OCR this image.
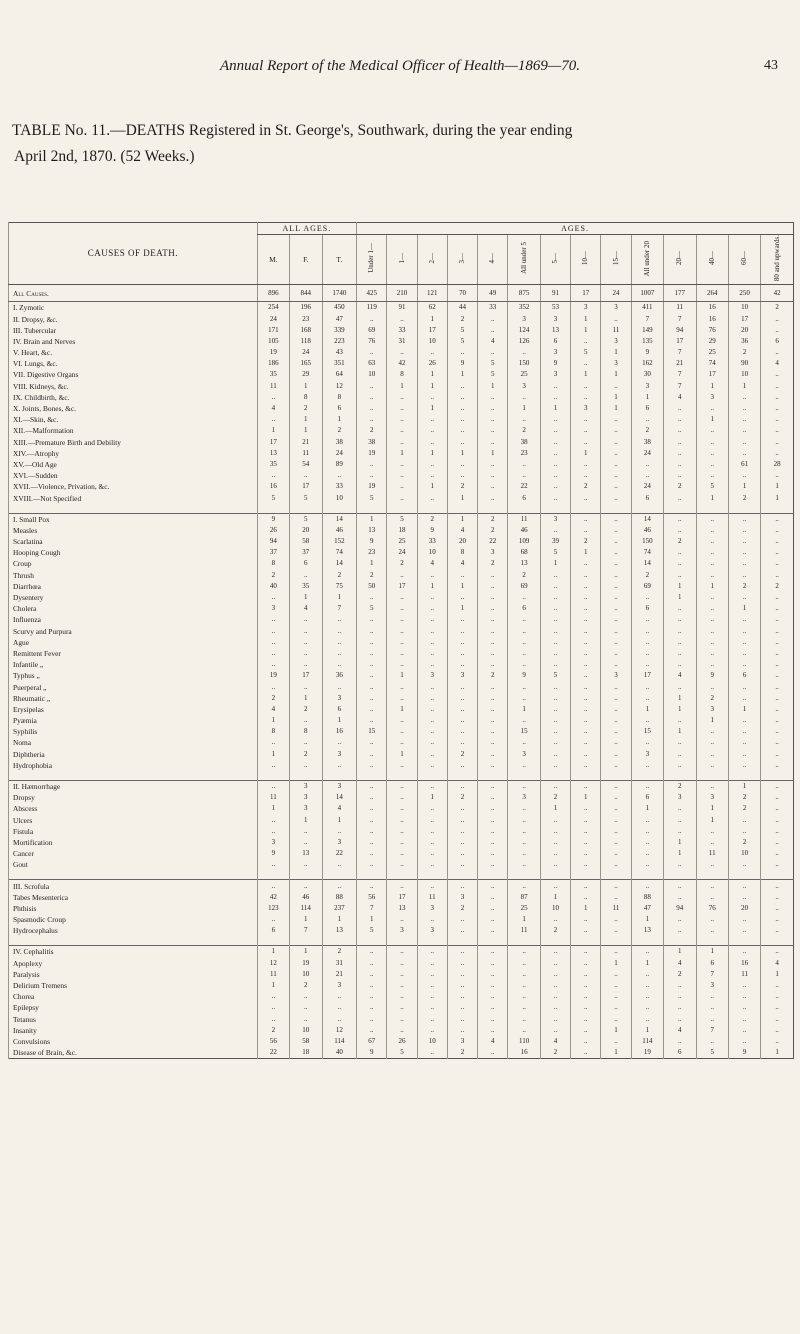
Annual Report of the Medical Officer of Health—1869—70.	43
TABLE No. 11.—DEATHS Registered in St. George's, Southwark, during the year ending
April 2nd, 1870. (52 Weeks.)
CAUSES OF DEATH.	ALL AGES.			AGES.													
	M.	F.	T.	Under 1—	1—	2—	3—	4—	All under 5	5—	10—	15—	All under 20	20—	40—	60—	80 and upwards.
All Causes.	896	844	1740	425	210	121	70	49	875	91	17	24	1007	177	264	250	42
I. Zymotic	254	196	450	119	91	62	44	33	352	53	3	3	411	11	16	10	2
II. Dropsy, &c.	24	23	47	..	..	1	2	..	3	3	1	..	7	7	16	17	..
III. Tubercular	171	168	339	69	33	17	5	..	124	13	1	11	149	94	76	20	..
IV. Brain and Nerves	105	118	223	76	31	10	5	4	126	6	..	3	135	17	29	36	6
V. Heart, &c.	19	24	43	..	..	..	..	..	..	3	5	1	9	7	25	2	..
VI. Lungs, &c.	186	165	351	63	42	26	9	5	150	9	..	3	162	21	74	90	4
VII. Digestive Organs	35	29	64	10	8	1	1	5	25	3	1	1	30	7	17	10	..
VIII. Kidneys, &c.	11	1	12	..	1	1	..	1	3	..	..	..	3	7	1	1	..
IX. Childbirth, &c.	..	8	8	..	..	..	..	..	..	..	..	1	1	4	3	..	..
X. Joints, Bones, &c.	4	2	6	..	..	1	..	..	1	1	3	1	6	..	..	..	..
XI.—Skin, &c.	..	1	1	..	..	..	..	..	..	..	..	..	..	..	1	..	..
XII.—Malformation	1	1	2	2	..	..	..	..	2	..	..	..	2	..	..	..	..
XIII.—Premature Birth and Debility	17	21	38	38	..	..	..	..	38	..	..	..	38	..	..	..	..
XIV.—Atrophy	13	11	24	19	1	1	1	1	23	..	1	..	24	..	..	..	..
XV.—Old Age	35	54	89	..	..	..	..	..	..	..	..	..	..	..	..	61	28
XVI.—Sudden	..	..	..	..	..	..	..	..	..	..	..	..	..	..	..	..	..
XVII.—Violence, Privation, &c.	16	17	33	19	..	1	2	..	22	..	2	..	24	2	5	1	1
XVIII.—Not Specified	5	5	10	5	..	..	1	..	6	..	..	..	6	..	1	2	1

I. Small Pox	9	5	14	1	5	2	1	2	11	3	..	..	14	..	..	..	..
Measles	26	20	46	13	18	9	4	2	46	..	..	..	46	..	..	..	..
Scarlatina	94	58	152	9	25	33	20	22	109	39	2	..	150	2	..	..	..
Hooping Cough	37	37	74	23	24	10	8	3	68	5	1	..	74	..	..	..	..
Croup	8	6	14	1	2	4	4	2	13	1	..	..	14	..	..	..	..
Thrush	2	..	2	2	..	..	..	..	2	..	..	..	2	..	..	..	..
Diarrhœa	40	35	75	50	17	1	1	..	69	..	..	..	69	1	1	2	2
Dysentery	..	1	1	..	..	..	..	..	..	..	..	..	..	1	..	..	..
Cholera	3	4	7	5	..	..	1	..	6	..	..	..	6	..	..	1	..
Influenza	..	..	..	..	..	..	..	..	..	..	..	..	..	..	..	..	..
Scurvy and Purpura	..	..	..	..	..	..	..	..	..	..	..	..	..	..	..	..	..
Ague	..	..	..	..	..	..	..	..	..	..	..	..	..	..	..	..	..
Remittent Fever	..	..	..	..	..	..	..	..	..	..	..	..	..	..	..	..	..
Infantile „	..	..	..	..	..	..	..	..	..	..	..	..	..	..	..	..	..
Typhus „	19	17	36	..	1	3	3	2	9	5	..	3	17	4	9	6	..
Puerperal „	..	..	..	..	..	..	..	..	..	..	..	..	..	..	..	..	..
Rheumatic „	2	1	3	..	..	..	..	..	..	..	..	..	..	1	2	..	..
Erysipelas	4	2	6	..	1	..	..	..	1	..	..	..	1	1	3	1	..
Pyæmia	1	..	1	..	..	..	..	..	..	..	..	..	..	..	1	..	..
Syphilis	8	8	16	15	..	..	..	..	15	..	..	..	15	1	..	..	..
Noma	..	..	..	..	..	..	..	..	..	..	..	..	..	..	..	..	..
Diphtheria	1	2	3	..	1	..	2	..	3	..	..	..	3	..	..	..	..
Hydrophobia	..	..	..	..	..	..	..	..	..	..	..	..	..	..	..	..	..

II. Hæmorrhage	..	3	3	..	..	..	..	..	..	..	..	..	..	2	..	1	..
Dropsy	11	3	14	..	..	1	2	..	3	2	1	..	6	3	3	2	..
Abscess	1	3	4	..	..	..	..	..	..	1	..	..	1	..	1	2	..
Ulcers	..	1	1	..	..	..	..	..	..	..	..	..	..	..	1	..	..
Fistula	..	..	..	..	..	..	..	..	..	..	..	..	..	..	..	..	..
Mortification	3	..	3	..	..	..	..	..	..	..	..	..	..	1	..	2	..
Cancer	9	13	22	..	..	..	..	..	..	..	..	..	..	1	11	10	..
Gout	..	..	..	..	..	..	..	..	..	..	..	..	..	..	..	..	..

III. Scrofula	..	..	..	..	..	..	..	..	..	..	..	..	..	..	..	..	..
Tabes Mesenterica	42	46	88	56	17	11	3	..	87	1	..	..	88	..	..	..	..
Phthisis	123	114	237	7	13	3	2	..	25	10	1	11	47	94	76	20	..
Spasmodic Croup	..	1	1	1	..	..	..	..	1	..	..	..	1	..	..	..	..
Hydrocephalus	6	7	13	5	3	3	..	..	11	2	..	..	13	..	..	..	..

IV. Cephalitis	1	1	2	..	..	..	..	..	..	..	..	..	..	1	1	..	..
Apoplexy	12	19	31	..	..	..	..	..	..	..	..	1	1	4	6	16	4
Paralysis	11	10	21	..	..	..	..	..	..	..	..	..	..	2	7	11	1
Delirium Tremens	1	2	3	..	..	..	..	..	..	..	..	..	..	..	3	..	..
Chorea	..	..	..	..	..	..	..	..	..	..	..	..	..	..	..	..	..
Epilepsy	..	..	..	..	..	..	..	..	..	..	..	..	..	..	..	..	..
Tetanus	..	..	..	..	..	..	..	..	..	..	..	..	..	..	..	..	..
Insanity	2	10	12	..	..	..	..	..	..	..	..	1	1	4	7	..	..
Convulsions	56	58	114	67	26	10	3	4	110	4	..	..	114	..	..	..	..
Disease of Brain, &c.	22	18	40	9	5	..	2	..	16	2	..	1	19	6	5	9	1
